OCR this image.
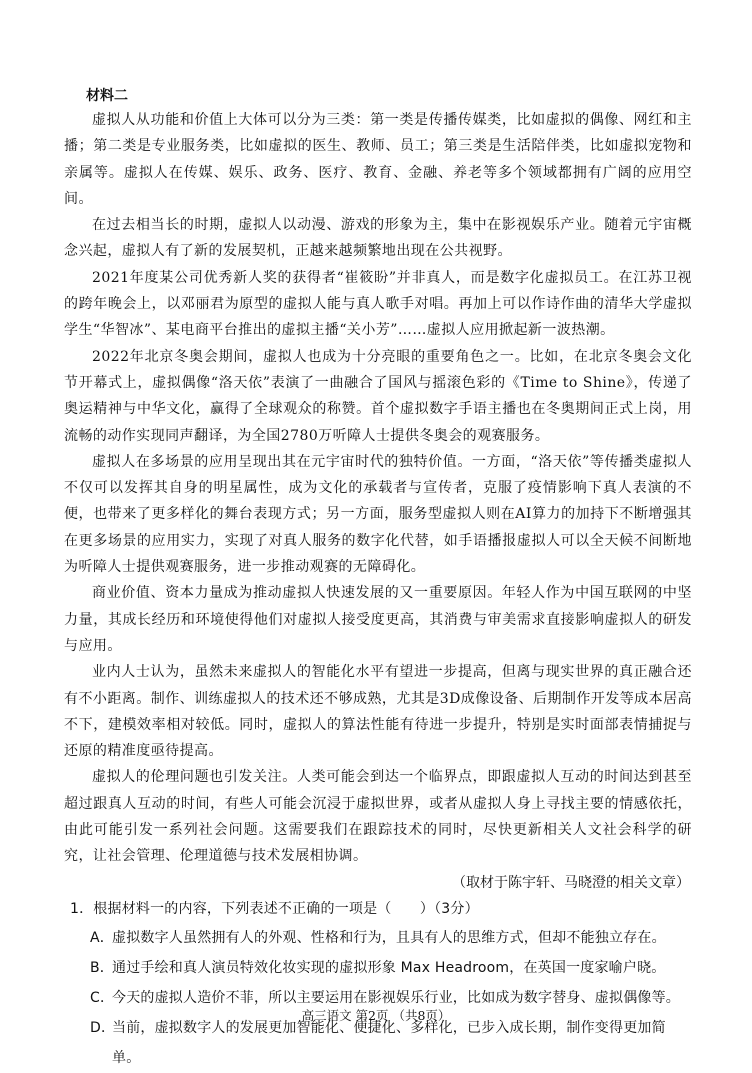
材料二

虚拟人从功能和价值上大体可以分为三类：第一类是传播传媒类，比如虚拟的偶像、网红和主播；第二类是专业服务类，比如虚拟的医生、教师、员工；第三类是生活陪伴类，比如虚拟宠物和亲属等。虚拟人在传媒、娱乐、政务、医疗、教育、金融、养老等多个领域都拥有广阔的应用空间。

在过去相当长的时期，虚拟人以动漫、游戏的形象为主，集中在影视娱乐产业。随着元宇宙概念兴起，虚拟人有了新的发展契机，正越来越频繁地出现在公共视野。

2021年度某公司优秀新人奖的获得者“崔筱盼”并非真人，而是数字化虚拟员工。在江苏卫视的跨年晚会上，以邓丽君为原型的虚拟人能与真人歌手对唱。再加上可以作诗作曲的清华大学虚拟学生“华智冰”、某电商平台推出的虚拟主播“关小芳”……虚拟人应用掀起新一波热潮。

2022年北京冬奥会期间，虚拟人也成为十分亮眼的重要角色之一。比如，在北京冬奥会文化节开幕式上，虚拟偶像“洛天依”表演了一曲融合了国风与摇滚色彩的《Time to Shine》，传递了奥运精神与中华文化，赢得了全球观众的称赞。首个虚拟数字手语主播也在冬奥期间正式上岗，用流畅的动作实现同声翻译，为全国2780万听障人士提供冬奥会的观赛服务。

虚拟人在多场景的应用呈现出其在元宇宙时代的独特价值。一方面，“洛天依”等传播类虚拟人不仅可以发挥其自身的明星属性，成为文化的承载者与宣传者，克服了疫情影响下真人表演的不便，也带来了更多样化的舞台表现方式；另一方面，服务型虚拟人则在AI算力的加持下不断增强其在更多场景的应用实力，实现了对真人服务的数字化代替，如手语播报虚拟人可以全天候不间断地为听障人士提供观赛服务，进一步推动观赛的无障碍化。

商业价值、资本力量成为推动虚拟人快速发展的又一重要原因。年轻人作为中国互联网的中坚力量，其成长经历和环境使得他们对虚拟人接受度更高，其消费与审美需求直接影响虚拟人的研发与应用。

业内人士认为，虽然未来虚拟人的智能化水平有望进一步提高，但离与现实世界的真正融合还有不小距离。制作、训练虚拟人的技术还不够成熟，尤其是3D成像设备、后期制作开发等成本居高不下，建模效率相对较低。同时，虚拟人的算法性能有待进一步提升，特别是实时面部表情捕捉与还原的精准度亟待提高。

虚拟人的伦理问题也引发关注。人类可能会到达一个临界点，即跟虚拟人互动的时间达到甚至超过跟真人互动的时间，有些人可能会沉浸于虚拟世界，或者从虚拟人身上寻找主要的情感依托，由此可能引发一系列社会问题。这需要我们在跟踪技术的同时，尽快更新相关人文社会科学的研究，让社会管理、伦理道德与技术发展相协调。

（取材于陈宇轩、马晓澄的相关文章）

1．根据材料一的内容，下列表述不正确的一项是（　　）（3分）
A．
虚拟数字人虽然拥有人的外观、性格和行为，且具有人的思维方式，但却不能独立存在。
B．
通过手绘和真人演员特效化妆实现的虚拟形象 Max Headroom，在英国一度家喻户晓。
C．
今天的虚拟人造价不菲，所以主要运用在影视娱乐行业，比如成为数字替身、虚拟偶像等。
D．
当前，虚拟数字人的发展更加智能化、便捷化、多样化，已步入成长期，制作变得更加简单。
高三语文 第2页 （共8页）
